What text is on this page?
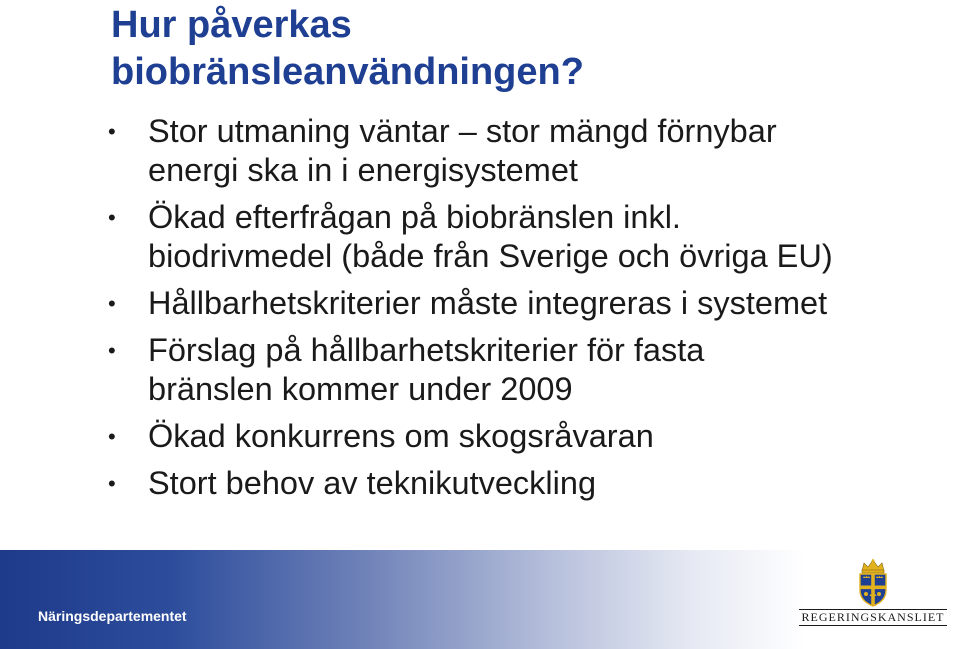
Hur påverkas
biobränsleanvändningen?
• Stor utmaning väntar – stor mängd förnybar
energi ska in i energisystemet
• Ökad efterfrågan på biobränslen inkl.
biodrivmedel (både från Sverige och övriga EU)
• Hållbarhetskriterier måste integreras i systemet
• Förslag på hållbarhetskriterier för fasta
bränslen kommer under 2009
• Ökad konkurrens om skogsråvaran
• Stort behov av teknikutveckling
Näringsdepartementet	REGERINGSKANSLIET
